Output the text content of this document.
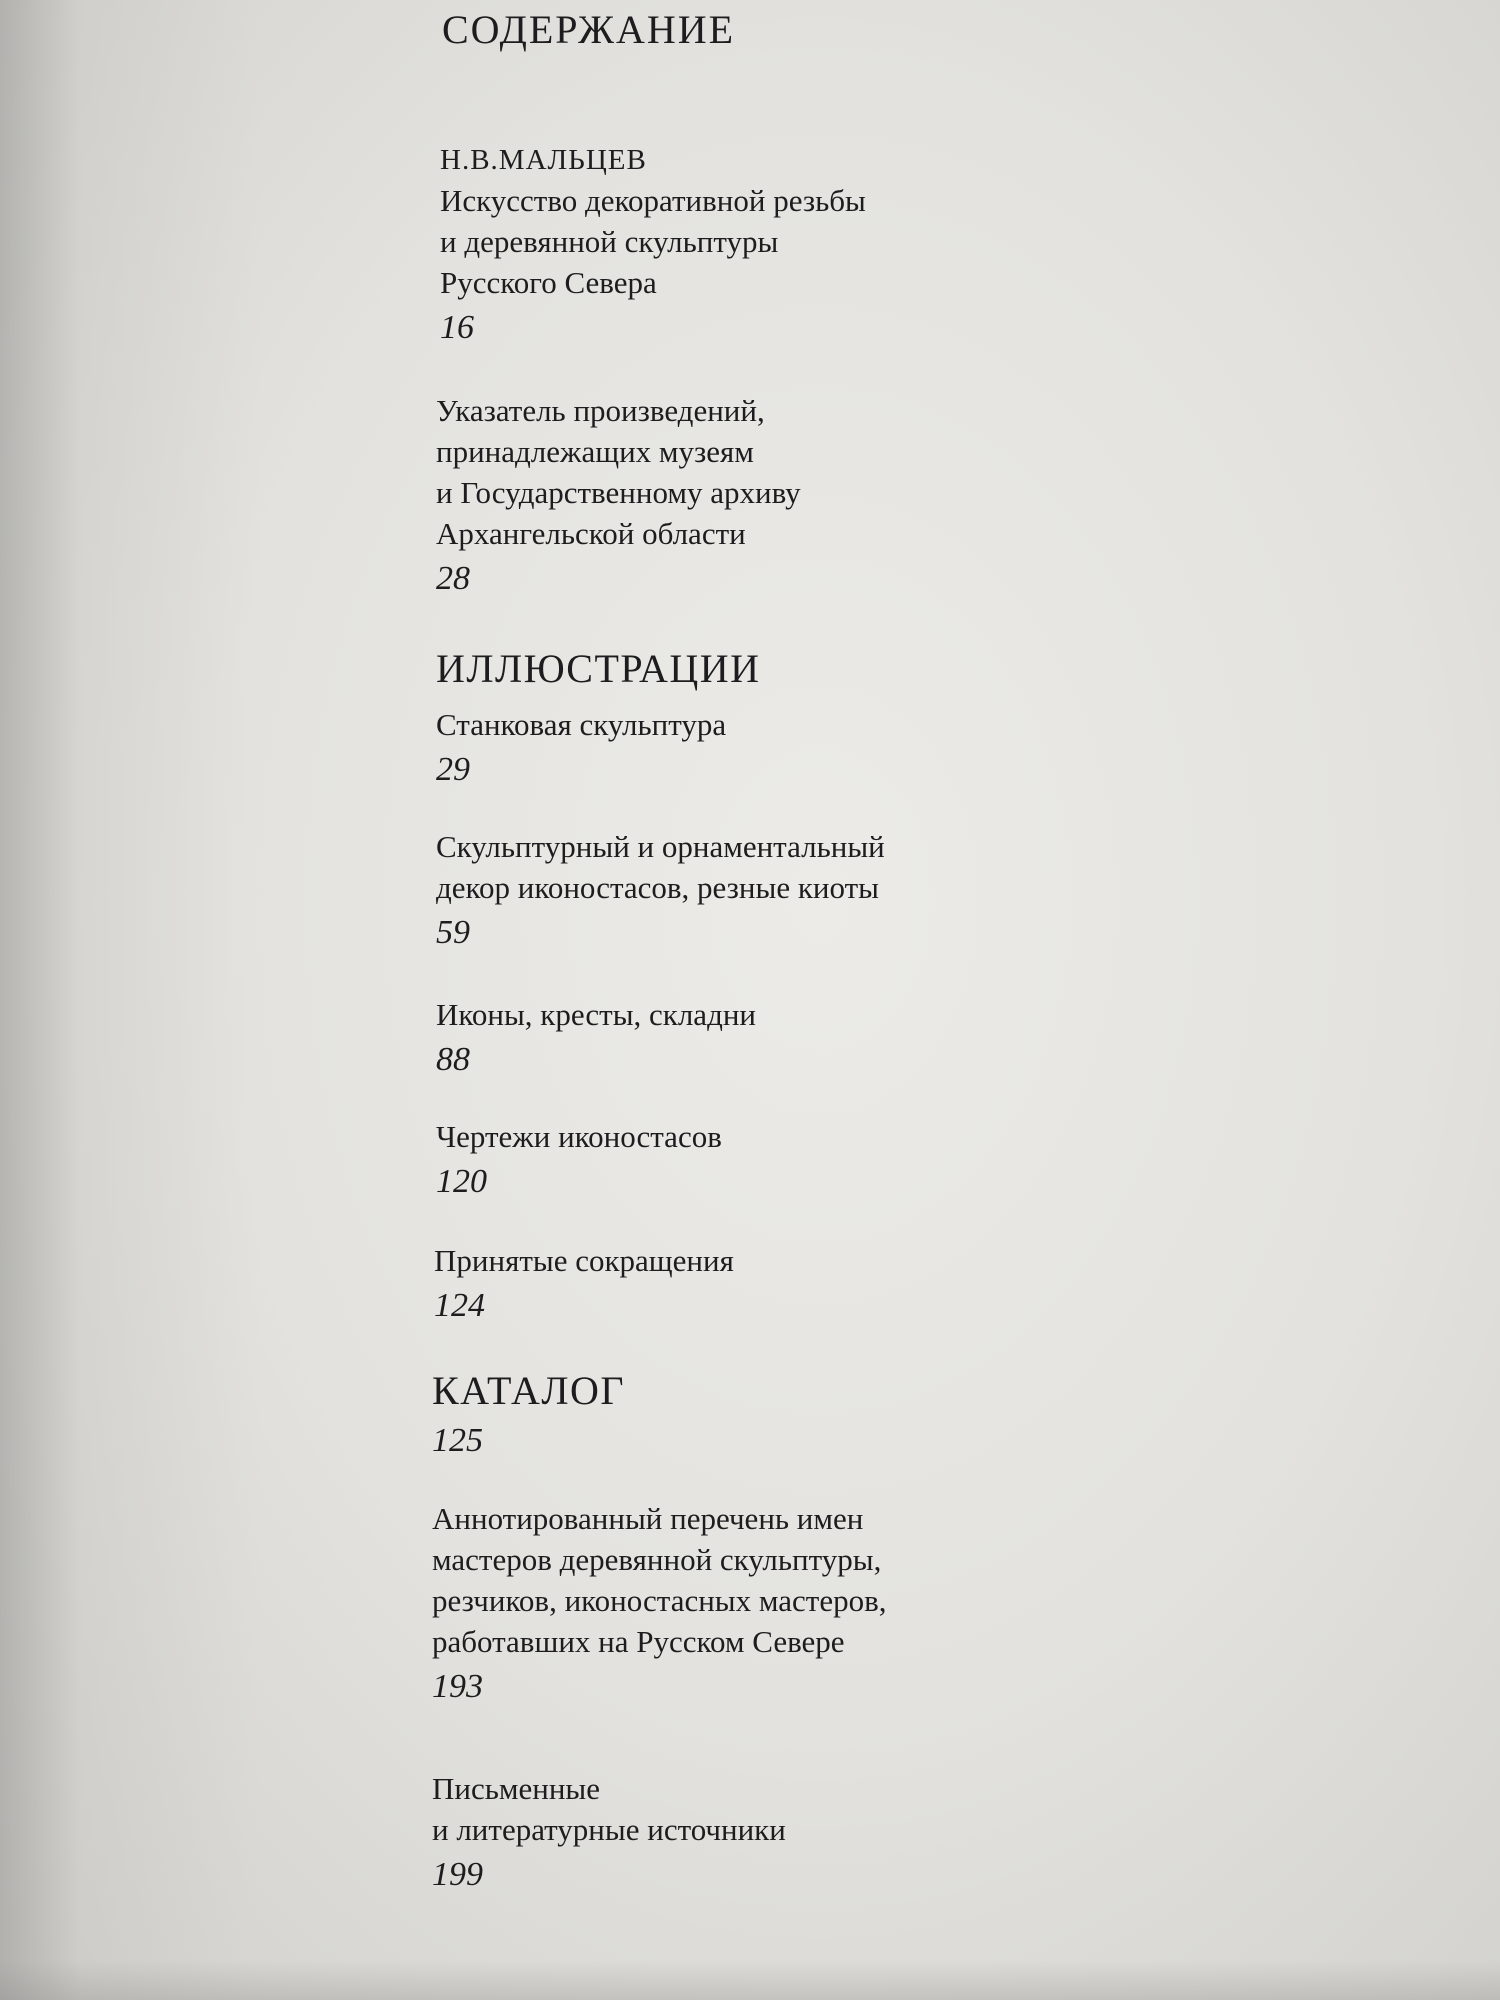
СОДЕРЖАНИЕ
Н.В.МАЛЬЦЕВ
Искусство декоративной резьбы
и деревянной скульптуры
Русского Севера
16
Указатель произведений,
принадлежащих музеям
и Государственному архиву
Архангельской области
28
ИЛЛЮСТРАЦИИ
Станковая скульптура
29
Скульптурный и орнаментальный
декор иконостасов, резные киоты
59
Иконы, кресты, складни
88
Чертежи иконостасов
120
Принятые сокращения
124
КАТАЛОГ
125
Аннотированный перечень имен
мастеров деревянной скульптуры,
резчиков, иконостасных мастеров,
работавших на Русском Севере
193
Письменные
и литературные источники
199
